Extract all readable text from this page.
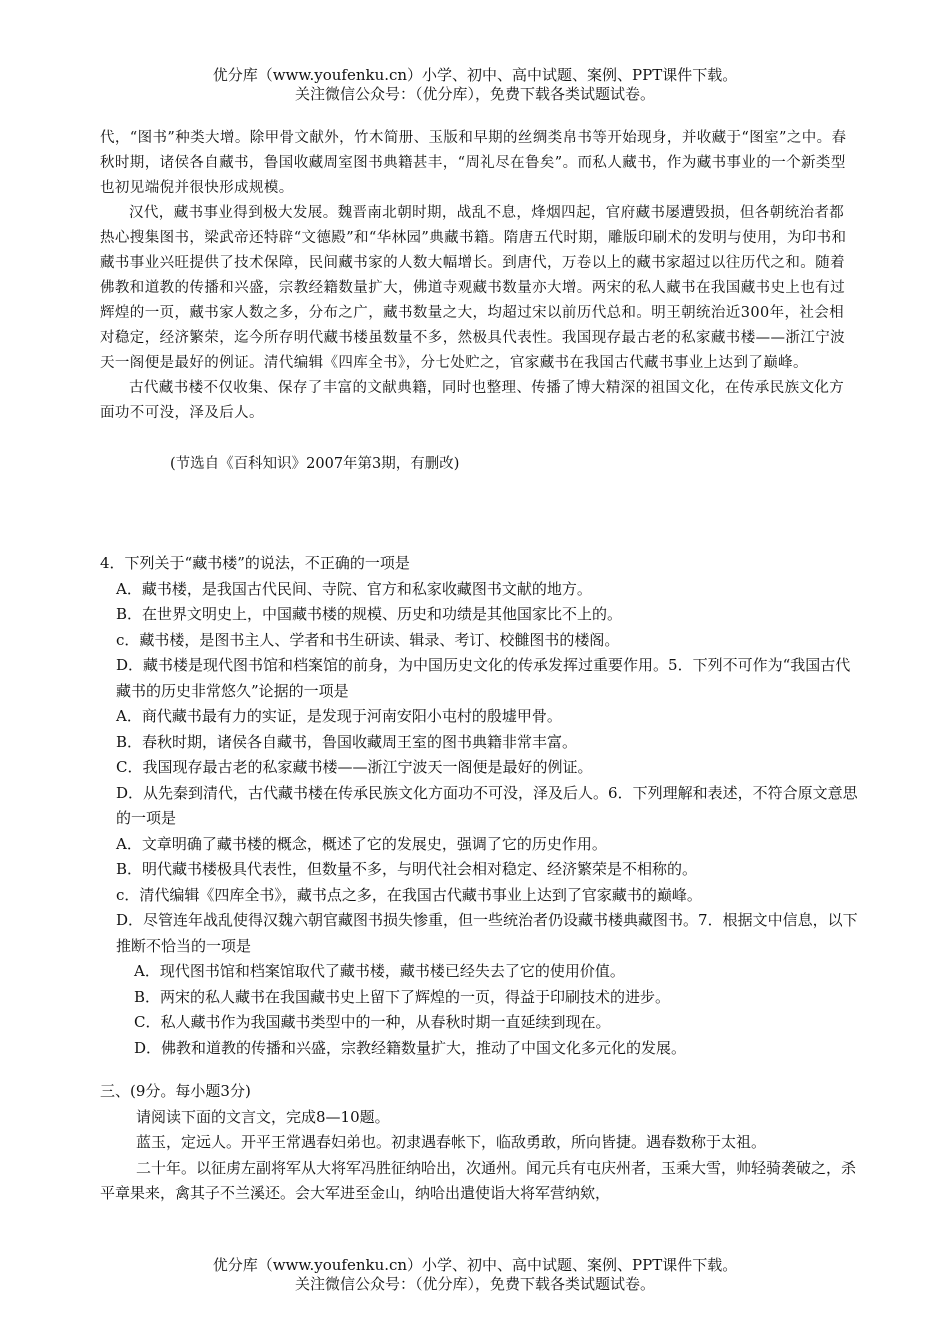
优分库（www.youfenku.cn）小学、初中、高中试题、案例、PPT课件下载。
关注微信公众号：（优分库），免费下载各类试题试卷。

代，“图书”种类大增。除甲骨文献外，竹木简册、玉版和早期的丝绸类帛书等开始现身，并收藏于“图室”之中。春秋时期，诸侯各自藏书，鲁国收藏周室图书典籍甚丰，“周礼尽在鲁矣”。而私人藏书，作为藏书事业的一个新类型也初见端倪并很快形成规模。

汉代，藏书事业得到极大发展。魏晋南北朝时期，战乱不息，烽烟四起，官府藏书屡遭毁损，但各朝统治者都热心搜集图书，梁武帝还特辟“文德殿”和“华林园”典藏书籍。隋唐五代时期，雕版印刷术的发明与使用，为印书和藏书事业兴旺提供了技术保障，民间藏书家的人数大幅增长。到唐代，万卷以上的藏书家超过以往历代之和。随着佛教和道教的传播和兴盛，宗教经籍数量扩大，佛道寺观藏书数量亦大增。两宋的私人藏书在我国藏书史上也有过辉煌的一页，藏书家人数之多，分布之广，藏书数量之大，均超过宋以前历代总和。明王朝统治近300年，社会相对稳定，经济繁荣，迄今所存明代藏书楼虽数量不多，然极具代表性。我国现存最古老的私家藏书楼——浙江宁波天一阁便是最好的例证。清代编辑《四库全书》，分七处贮之，官家藏书在我国古代藏书事业上达到了巅峰。

古代藏书楼不仅收集、保存了丰富的文献典籍，同时也整理、传播了博大精深的祖国文化，在传承民族文化方面功不可没，泽及后人。

(节选自《百科知识》2007年第3期，有删改)

4．下列关于“藏书楼”的说法，不正确的一项是

A．藏书楼，是我国古代民间、寺院、官方和私家收藏图书文献的地方。

B．在世界文明史上，中国藏书楼的规模、历史和功绩是其他国家比不上的。

c．藏书楼，是图书主人、学者和书生研读、辑录、考订、校雠图书的楼阁。

D．藏书楼是现代图书馆和档案馆的前身，为中国历史文化的传承发挥过重要作用。5．下列不可作为“我国古代藏书的历史非常悠久”论据的一项是

A．商代藏书最有力的实证，是发现于河南安阳小屯村的殷墟甲骨。

B．春秋时期，诸侯各自藏书，鲁国收藏周王室的图书典籍非常丰富。

C．我国现存最古老的私家藏书楼——浙江宁波天一阁便是最好的例证。

D．从先秦到清代，古代藏书楼在传承民族文化方面功不可没，泽及后人。6．下列理解和表述，不符合原文意思的一项是

A．文章明确了藏书楼的概念，概述了它的发展史，强调了它的历史作用。

B．明代藏书楼极具代表性，但数量不多，与明代社会相对稳定、经济繁荣是不相称的。

c．清代编辑《四库全书》，藏书点之多，在我国古代藏书事业上达到了官家藏书的巅峰。

D．尽管连年战乱使得汉魏六朝官藏图书损失惨重，但一些统治者仍设藏书楼典藏图书。7．根据文中信息，以下推断不恰当的一项是

A．现代图书馆和档案馆取代了藏书楼，藏书楼已经失去了它的使用价值。

B．两宋的私人藏书在我国藏书史上留下了辉煌的一页，得益于印刷技术的进步。

C．私人藏书作为我国藏书类型中的一种，从春秋时期一直延续到现在。

D．佛教和道教的传播和兴盛，宗教经籍数量扩大，推动了中国文化多元化的发展。

三、(9分。每小题3分)

请阅读下面的文言文，完成8—10题。

蓝玉，定远人。开平王常遇春妇弟也。初隶遇春帐下，临敌勇敢，所向皆捷。遇春数称于太祖。

二十年。以征虏左副将军从大将军冯胜征纳哈出，次通州。闻元兵有屯庆州者，玉乘大雪，帅轻骑袭破之，杀平章果来，禽其子不兰溪还。会大军进至金山，纳哈出遣使诣大将军营纳欸，

优分库（www.youfenku.cn）小学、初中、高中试题、案例、PPT课件下载。
关注微信公众号：（优分库），免费下载各类试题试卷。
